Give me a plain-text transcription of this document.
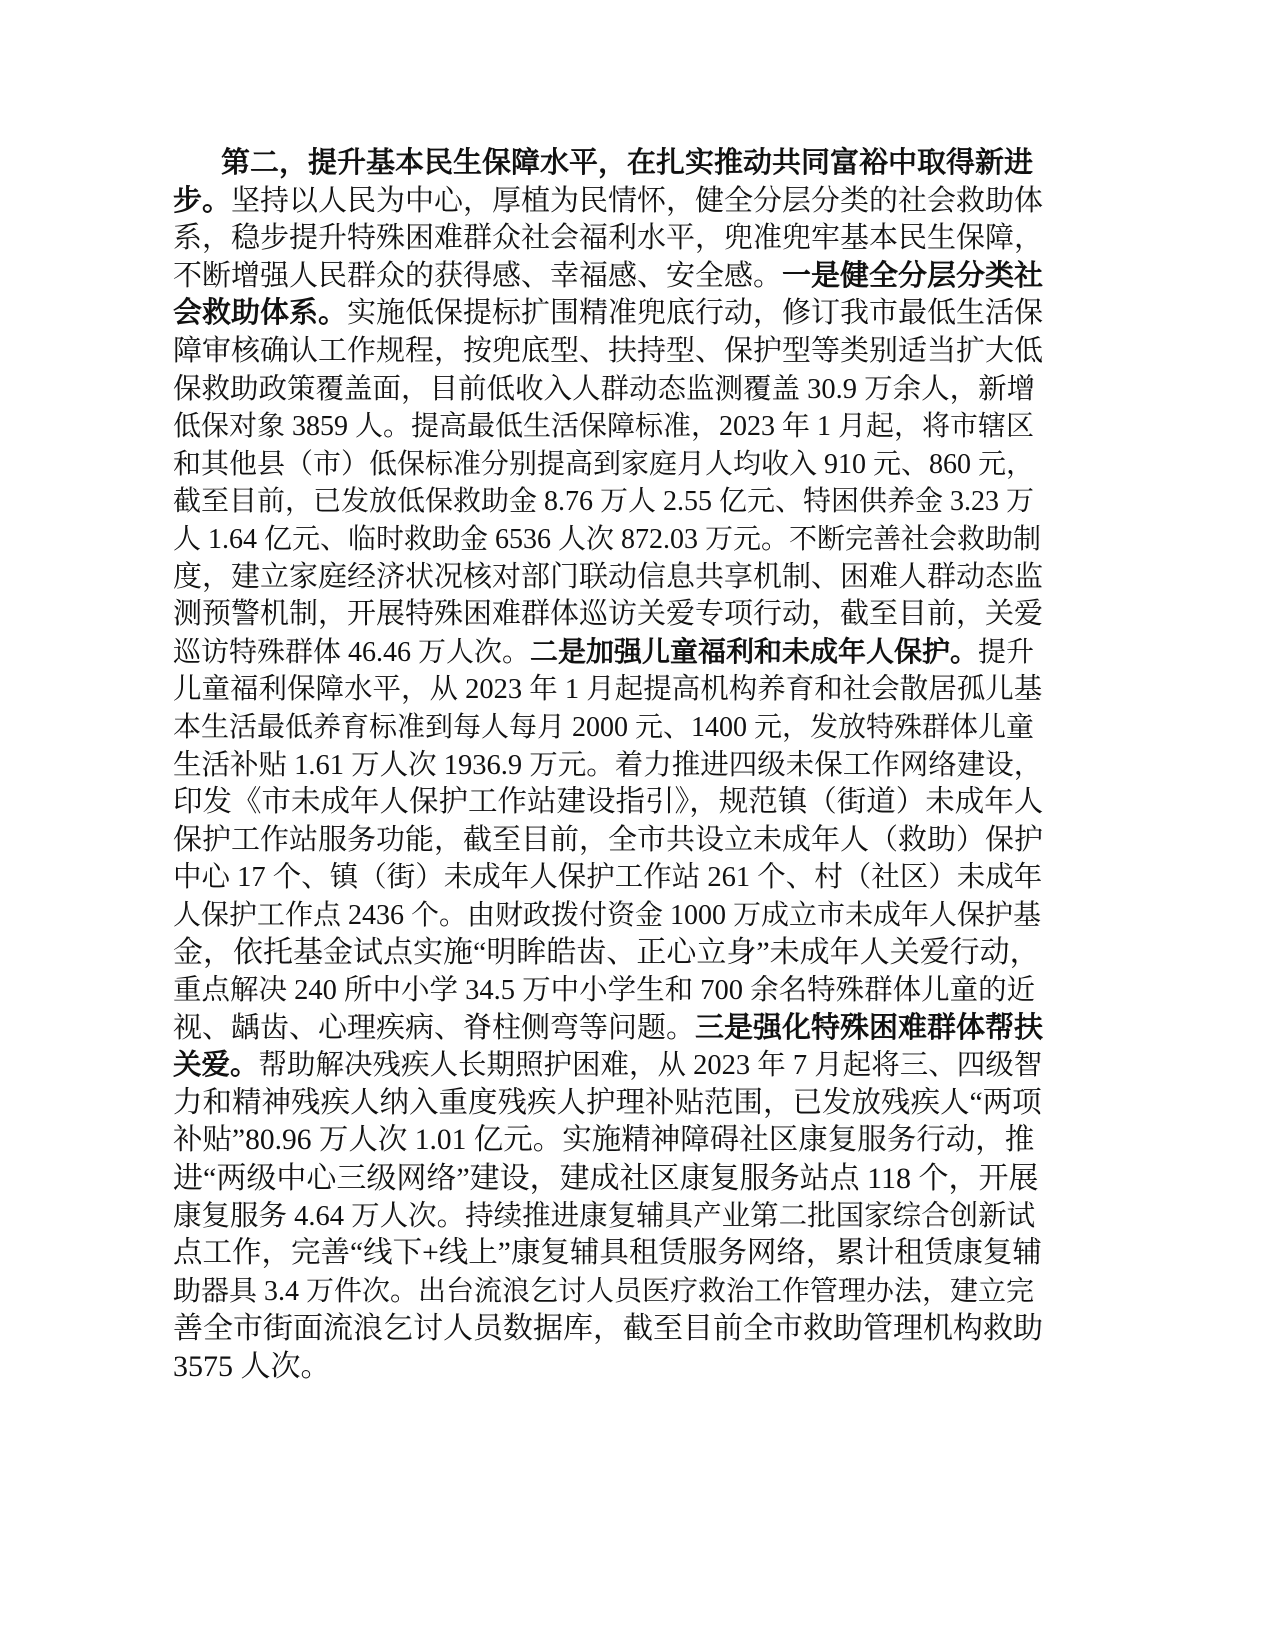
第二，提升基本民生保障水平，在扎实推动共同富裕中取得新进
步。坚持以人民为中心，厚植为民情怀，健全分层分类的社会救助体
系，稳步提升特殊困难群众社会福利水平，兜准兜牢基本民生保障，
不断增强人民群众的获得感、幸福感、安全感。一是健全分层分类社
会救助体系。实施低保提标扩围精准兜底行动，修订我市最低生活保
障审核确认工作规程，按兜底型、扶持型、保护型等类别适当扩大低
保救助政策覆盖面，目前低收入人群动态监测覆盖 30.9 万余人，新增
低保对象 3859 人。提高最低生活保障标准，2023 年 1 月起，将市辖区
和其他县（市）低保标准分别提高到家庭月人均收入 910 元、860 元，
截至目前，已发放低保救助金 8.76 万人 2.55 亿元、特困供养金 3.23 万
人 1.64 亿元、临时救助金 6536 人次 872.03 万元。不断完善社会救助制
度，建立家庭经济状况核对部门联动信息共享机制、困难人群动态监
测预警机制，开展特殊困难群体巡访关爱专项行动，截至目前，关爱
巡访特殊群体 46.46 万人次。二是加强儿童福利和未成年人保护。提升
儿童福利保障水平，从 2023 年 1 月起提高机构养育和社会散居孤儿基
本生活最低养育标准到每人每月 2000 元、1400 元，发放特殊群体儿童
生活补贴 1.61 万人次 1936.9 万元。着力推进四级未保工作网络建设，
印发《市未成年人保护工作站建设指引》，规范镇（街道）未成年人
保护工作站服务功能，截至目前，全市共设立未成年人（救助）保护
中心 17 个、镇（街）未成年人保护工作站 261 个、村（社区）未成年
人保护工作点 2436 个。由财政拨付资金 1000 万成立市未成年人保护基
金，依托基金试点实施“明眸皓齿、正心立身”未成年人关爱行动，
重点解决 240 所中小学 34.5 万中小学生和 700 余名特殊群体儿童的近
视、龋齿、心理疾病、脊柱侧弯等问题。三是强化特殊困难群体帮扶
关爱。帮助解决残疾人长期照护困难，从 2023 年 7 月起将三、四级智
力和精神残疾人纳入重度残疾人护理补贴范围，已发放残疾人“两项
补贴”80.96 万人次 1.01 亿元。实施精神障碍社区康复服务行动，推
进“两级中心三级网络”建设，建成社区康复服务站点 118 个，开展
康复服务 4.64 万人次。持续推进康复辅具产业第二批国家综合创新试
点工作，完善“线下+线上”康复辅具租赁服务网络，累计租赁康复辅
助器具 3.4 万件次。出台流浪乞讨人员医疗救治工作管理办法，建立完
善全市街面流浪乞讨人员数据库，截至目前全市救助管理机构救助
3575 人次。
